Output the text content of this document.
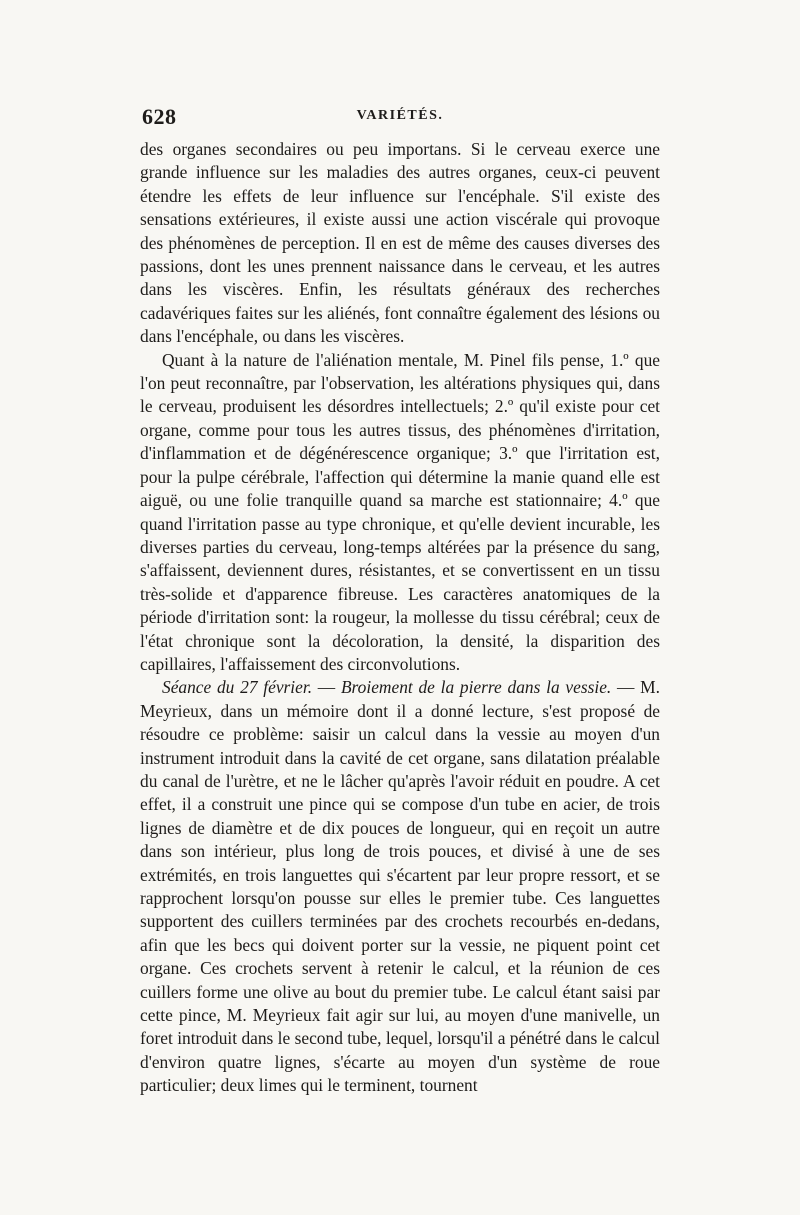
628	VARIÉTÉS.

des organes secondaires ou peu importans. Si le cerveau exerce une grande influence sur les maladies des autres organes, ceux-ci peuvent étendre les effets de leur influence sur l'encéphale. S'il existe des sensations extérieures, il existe aussi une action viscérale qui provoque des phénomènes de perception. Il en est de même des causes diverses des passions, dont les unes prennent naissance dans le cerveau, et les autres dans les viscères. Enfin, les résultats généraux des recherches cadavériques faites sur les aliénés, font connaître également des lésions ou dans l'encéphale, ou dans les viscères.

Quant à la nature de l'aliénation mentale, M. Pinel fils pense, 1.º que l'on peut reconnaître, par l'observation, les altérations physiques qui, dans le cerveau, produisent les désordres intellectuels; 2.º qu'il existe pour cet organe, comme pour tous les autres tissus, des phénomènes d'irritation, d'inflammation et de dégénérescence organique; 3.º que l'irritation est, pour la pulpe cérébrale, l'affection qui détermine la manie quand elle est aiguë, ou une folie tranquille quand sa marche est stationnaire; 4.º que quand l'irritation passe au type chronique, et qu'elle devient incurable, les diverses parties du cerveau, long-temps altérées par la présence du sang, s'affaissent, deviennent dures, résistantes, et se convertissent en un tissu très-solide et d'apparence fibreuse. Les caractères anatomiques de la période d'irritation sont: la rougeur, la mollesse du tissu cérébral; ceux de l'état chronique sont la décoloration, la densité, la disparition des capillaires, l'affaissement des circonvolutions.

Séance du 27 février. — Broiement de la pierre dans la vessie. — M. Meyrieux, dans un mémoire dont il a donné lecture, s'est proposé de résoudre ce problème: saisir un calcul dans la vessie au moyen d'un instrument introduit dans la cavité de cet organe, sans dilatation préalable du canal de l'urètre, et ne le lâcher qu'après l'avoir réduit en poudre. A cet effet, il a construit une pince qui se compose d'un tube en acier, de trois lignes de diamètre et de dix pouces de longueur, qui en reçoit un autre dans son intérieur, plus long de trois pouces, et divisé à une de ses extrémités, en trois languettes qui s'écartent par leur propre ressort, et se rapprochent lorsqu'on pousse sur elles le premier tube. Ces languettes supportent des cuillers terminées par des crochets recourbés en-dedans, afin que les becs qui doivent porter sur la vessie, ne piquent point cet organe. Ces crochets servent à retenir le calcul, et la réunion de ces cuillers forme une olive au bout du premier tube. Le calcul étant saisi par cette pince, M. Meyrieux fait agir sur lui, au moyen d'une manivelle, un foret introduit dans le second tube, lequel, lorsqu'il a pénétré dans le calcul d'environ quatre lignes, s'écarte au moyen d'un système de roue particulier; deux limes qui le terminent, tournent
